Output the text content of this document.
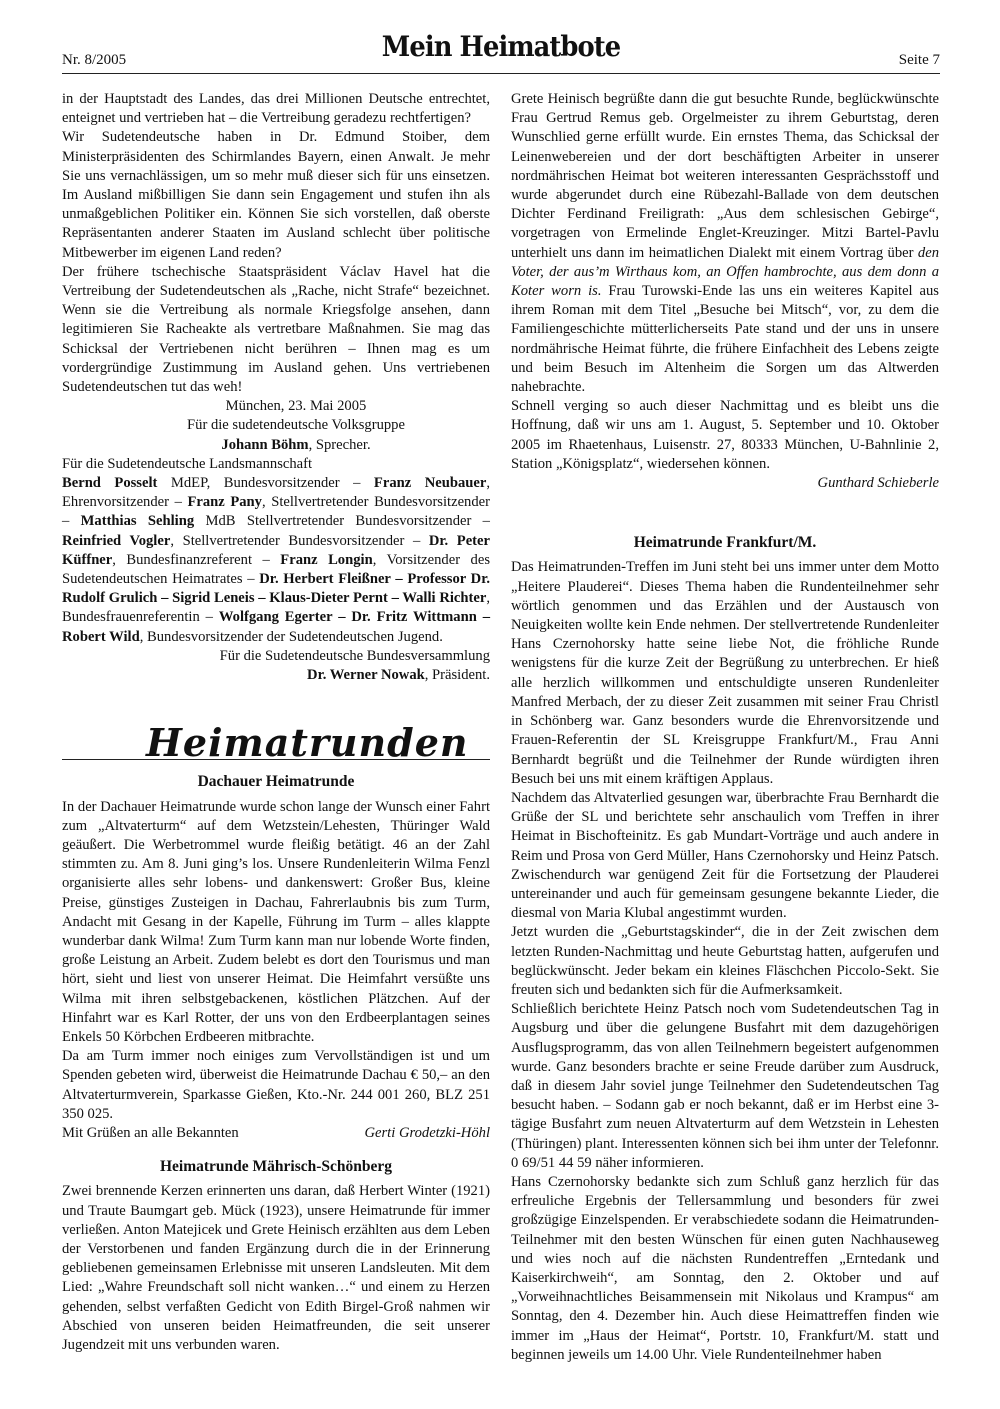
Nr. 8/2005	Mein Heimatbote	Seite 7

in der Hauptstadt des Landes, das drei Millionen Deutsche entrechtet, enteignet und vertrieben hat – die Vertreibung geradezu rechtfertigen?

Wir Sudetendeutsche haben in Dr. Edmund Stoiber, dem Ministerpräsidenten des Schirmlandes Bayern, einen Anwalt. Je mehr Sie uns vernachlässigen, um so mehr muß dieser sich für uns einsetzen. Im Ausland mißbilligen Sie dann sein Engagement und stufen ihn als unmaßgeblichen Politiker ein. Können Sie sich vorstellen, daß oberste Repräsentanten anderer Staaten im Ausland schlecht über politische Mitbewerber im eigenen Land reden?

Der frühere tschechische Staatspräsident Václav Havel hat die Vertreibung der Sudetendeutschen als „Rache, nicht Strafe“ bezeichnet. Wenn sie die Vertreibung als normale Kriegsfolge ansehen, dann legitimieren Sie Racheakte als vertretbare Maßnahmen. Sie mag das Schicksal der Vertriebenen nicht berühren – Ihnen mag es um vordergründige Zustimmung im Ausland gehen. Uns vertriebenen Sudetendeutschen tut das weh!

München, 23. Mai 2005

Für die sudetendeutsche Volksgruppe

Johann Böhm, Sprecher.

Für die Sudetendeutsche Landsmannschaft

Bernd Posselt MdEP, Bundesvorsitzender – Franz Neubauer, Ehrenvorsitzender – Franz Pany, Stellvertretender Bundesvorsitzender – Matthias Sehling MdB Stellvertretender Bundesvorsitzender – Reinfried Vogler, Stellvertretender Bundesvorsitzender – Dr. Peter Küffner, Bundesfinanzreferent – Franz Longin, Vorsitzender des Sudetendeutschen Heimatrates – Dr. Herbert Fleißner – Professor Dr. Rudolf Grulich – Sigrid Leneis – Klaus-Dieter Pernt – Walli Richter, Bundesfrauenreferentin – Wolfgang Egerter – Dr. Fritz Wittmann – Robert Wild, Bundesvorsitzender der Sudetendeutschen Jugend.

Für die Sudetendeutsche Bundesversammlung

Dr. Werner Nowak, Präsident.

Heimatrunden
Dachauer Heimatrunde

In der Dachauer Heimatrunde wurde schon lange der Wunsch einer Fahrt zum „Altvaterturm“ auf dem Wetzstein/Lehesten, Thüringer Wald geäußert. Die Werbetrommel wurde fleißig betätigt. 46 an der Zahl stimmten zu. Am 8. Juni ging’s los. Unsere Rundenleiterin Wilma Fenzl organisierte alles sehr lobens- und dankenswert: Großer Bus, kleine Preise, günstiges Zusteigen in Dachau, Fahrerlaubnis bis zum Turm, Andacht mit Gesang in der Kapelle, Führung im Turm – alles klappte wunderbar dank Wilma! Zum Turm kann man nur lobende Worte finden, große Leistung an Arbeit. Zudem belebt es dort den Tourismus und man hört, sieht und liest von unserer Heimat. Die Heimfahrt versüßte uns Wilma mit ihren selbstgebackenen, köstlichen Plätzchen. Auf der Hinfahrt war es Karl Rotter, der uns von den Erdbeerplantagen seines Enkels 50 Körbchen Erdbeeren mitbrachte.

Da am Turm immer noch einiges zum Vervollständigen ist und um Spenden gebeten wird, überweist die Heimatrunde Dachau € 50,– an den Altvaterturmverein, Sparkasse Gießen, Kto.-Nr. 244 001 260, BLZ 251 350 025.

Mit Grüßen an alle Bekannten	Gerti Grodetzki-Höhl
Heimatrunde Mährisch-Schönberg

Zwei brennende Kerzen erinnerten uns daran, daß Herbert Winter (1921) und Traute Baumgart geb. Mück (1923), unsere Heimatrunde für immer verließen. Anton Matejicek und Grete Heinisch erzählten aus dem Leben der Verstorbenen und fanden Ergänzung durch die in der Erinnerung gebliebenen gemeinsamen Erlebnisse mit unseren Landsleuten. Mit dem Lied: „Wahre Freundschaft soll nicht wanken…“ und einem zu Herzen gehenden, selbst verfaßten Gedicht von Edith Birgel-Groß nahmen wir Abschied von unseren beiden Heimatfreunden, die seit unserer Jugendzeit mit uns verbunden waren.

Grete Heinisch begrüßte dann die gut besuchte Runde, beglückwünschte Frau Gertrud Remus geb. Orgelmeister zu ihrem Geburtstag, deren Wunschlied gerne erfüllt wurde. Ein ernstes Thema, das Schicksal der Leinenwebereien und der dort beschäftigten Arbeiter in unserer nordmährischen Heimat bot weiteren interessanten Gesprächsstoff und wurde abgerundet durch eine Rübezahl-Ballade von dem deutschen Dichter Ferdinand Freiligrath: „Aus dem schlesischen Gebirge“, vorgetragen von Ermelinde Englet-Kreuzinger. Mitzi Bartel-Pavlu unterhielt uns dann im heimatlichen Dialekt mit einem Vortrag über den Voter, der aus’m Wirthaus kom, an Offen hambrochte, aus dem donn a Koter worn is. Frau Turowski-Ende las uns ein weiteres Kapitel aus ihrem Roman mit dem Titel „Besuche bei Mitsch“, vor, zu dem die Familiengeschichte mütterlicherseits Pate stand und der uns in unsere nordmährische Heimat führte, die frühere Einfachheit des Lebens zeigte und beim Besuch im Altenheim die Sorgen um das Altwerden nahebrachte.

Schnell verging so auch dieser Nachmittag und es bleibt uns die Hoffnung, daß wir uns am 1. August, 5. September und 10. Oktober 2005 im Rhaetenhaus, Luisenstr. 27, 80333 München, U-Bahnlinie 2, Station „Königsplatz“, wiedersehen können.

Gunthard Schieberle

Heimatrunde Frankfurt/M.

Das Heimatrunden-Treffen im Juni steht bei uns immer unter dem Motto „Heitere Plauderei“. Dieses Thema haben die Rundenteilnehmer sehr wörtlich genommen und das Erzählen und der Austausch von Neuigkeiten wollte kein Ende nehmen. Der stellvertretende Rundenleiter Hans Czernohorsky hatte seine liebe Not, die fröhliche Runde wenigstens für die kurze Zeit der Begrüßung zu unterbrechen. Er hieß alle herzlich willkommen und entschuldigte unseren Rundenleiter Manfred Merbach, der zu dieser Zeit zusammen mit seiner Frau Christl in Schönberg war. Ganz besonders wurde die Ehrenvorsitzende und Frauen-Referentin der SL Kreisgruppe Frankfurt/M., Frau Anni Bernhardt begrüßt und die Teilnehmer der Runde würdigten ihren Besuch bei uns mit einem kräftigen Applaus.

Nachdem das Altvaterlied gesungen war, überbrachte Frau Bernhardt die Grüße der SL und berichtete sehr anschaulich vom Treffen in ihrer Heimat in Bischofteinitz. Es gab Mundart-Vorträge und auch andere in Reim und Prosa von Gerd Müller, Hans Czernohorsky und Heinz Patsch. Zwischendurch war genügend Zeit für die Fortsetzung der Plauderei untereinander und auch für gemeinsam gesungene bekannte Lieder, die diesmal von Maria Klubal angestimmt wurden.

Jetzt wurden die „Geburtstagskinder“, die in der Zeit zwischen dem letzten Runden-Nachmittag und heute Geburtstag hatten, aufgerufen und beglückwünscht. Jeder bekam ein kleines Fläschchen Piccolo-Sekt. Sie freuten sich und bedankten sich für die Aufmerksamkeit.

Schließlich berichtete Heinz Patsch noch vom Sudetendeutschen Tag in Augsburg und über die gelungene Busfahrt mit dem dazugehörigen Ausflugsprogramm, das von allen Teilnehmern begeistert aufgenommen wurde. Ganz besonders brachte er seine Freude darüber zum Ausdruck, daß in diesem Jahr soviel junge Teilnehmer den Sudetendeutschen Tag besucht haben. – Sodann gab er noch bekannt, daß er im Herbst eine 3-tägige Busfahrt zum neuen Altvaterturm auf dem Wetzstein in Lehesten (Thüringen) plant. Interessenten können sich bei ihm unter der Telefonnr. 0 69/51 44 59 näher informieren.

Hans Czernohorsky bedankte sich zum Schluß ganz herzlich für das erfreuliche Ergebnis der Tellersammlung und besonders für zwei großzügige Einzelspenden. Er verabschiedete sodann die Heimatrunden-Teilnehmer mit den besten Wünschen für einen guten Nachhauseweg und wies noch auf die nächsten Rundentreffen „Erntedank und Kaiserkirchweih“, am Sonntag, den 2. Oktober und auf „Vorweihnachtliches Beisammensein mit Nikolaus und Krampus“ am Sonntag, den 4. Dezember hin. Auch diese Heimattreffen finden wie immer im „Haus der Heimat“, Portstr. 10, Frankfurt/M. statt und beginnen jeweils um 14.00 Uhr. Viele Rundenteilnehmer haben
